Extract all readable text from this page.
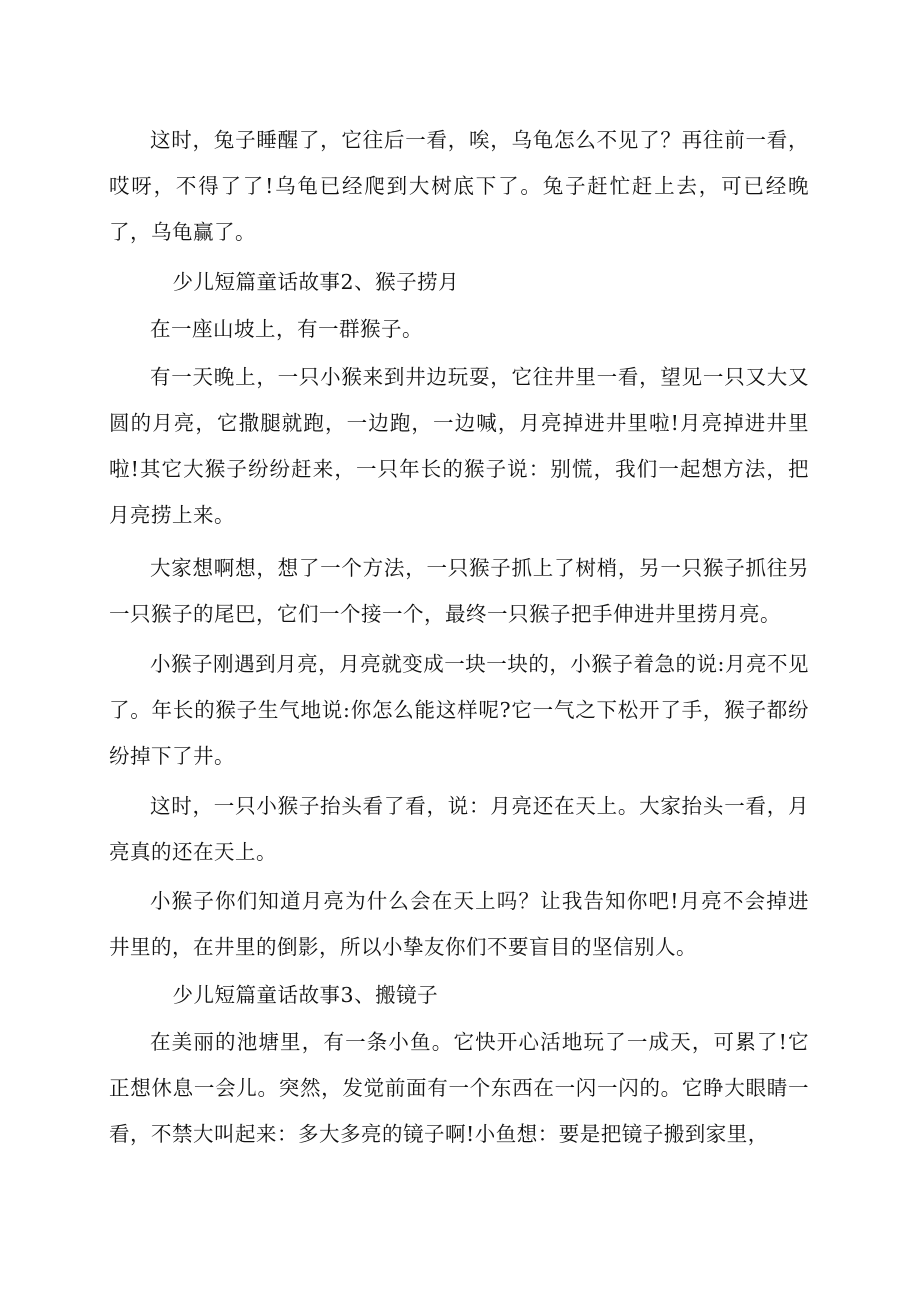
这时，兔子睡醒了，它往后一看，唉，乌龟怎么不见了？再往前一看，哎呀，不得了了!乌龟已经爬到大树底下了。兔子赶忙赶上去，可已经晚了，乌龟赢了。

少儿短篇童话故事2、猴子捞月

在一座山坡上，有一群猴子。

有一天晚上，一只小猴来到井边玩耍，它往井里一看，望见一只又大又圆的月亮，它撒腿就跑，一边跑，一边喊，月亮掉进井里啦!月亮掉进井里啦!其它大猴子纷纷赶来，一只年长的猴子说：别慌，我们一起想方法，把月亮捞上来。

大家想啊想，想了一个方法，一只猴子抓上了树梢，另一只猴子抓往另一只猴子的尾巴，它们一个接一个，最终一只猴子把手伸进井里捞月亮。

小猴子刚遇到月亮，月亮就变成一块一块的，小猴子着急的说:月亮不见了。年长的猴子生气地说:你怎么能这样呢?它一气之下松开了手，猴子都纷纷掉下了井。

这时，一只小猴子抬头看了看，说：月亮还在天上。大家抬头一看，月亮真的还在天上。

小猴子你们知道月亮为什么会在天上吗？让我告知你吧!月亮不会掉进井里的，在井里的倒影，所以小挚友你们不要盲目的坚信别人。

少儿短篇童话故事3、搬镜子

在美丽的池塘里，有一条小鱼。它快开心活地玩了一成天，可累了!它正想休息一会儿。突然，发觉前面有一个东西在一闪一闪的。它睁大眼睛一看，不禁大叫起来：多大多亮的镜子啊!小鱼想：要是把镜子搬到家里，
